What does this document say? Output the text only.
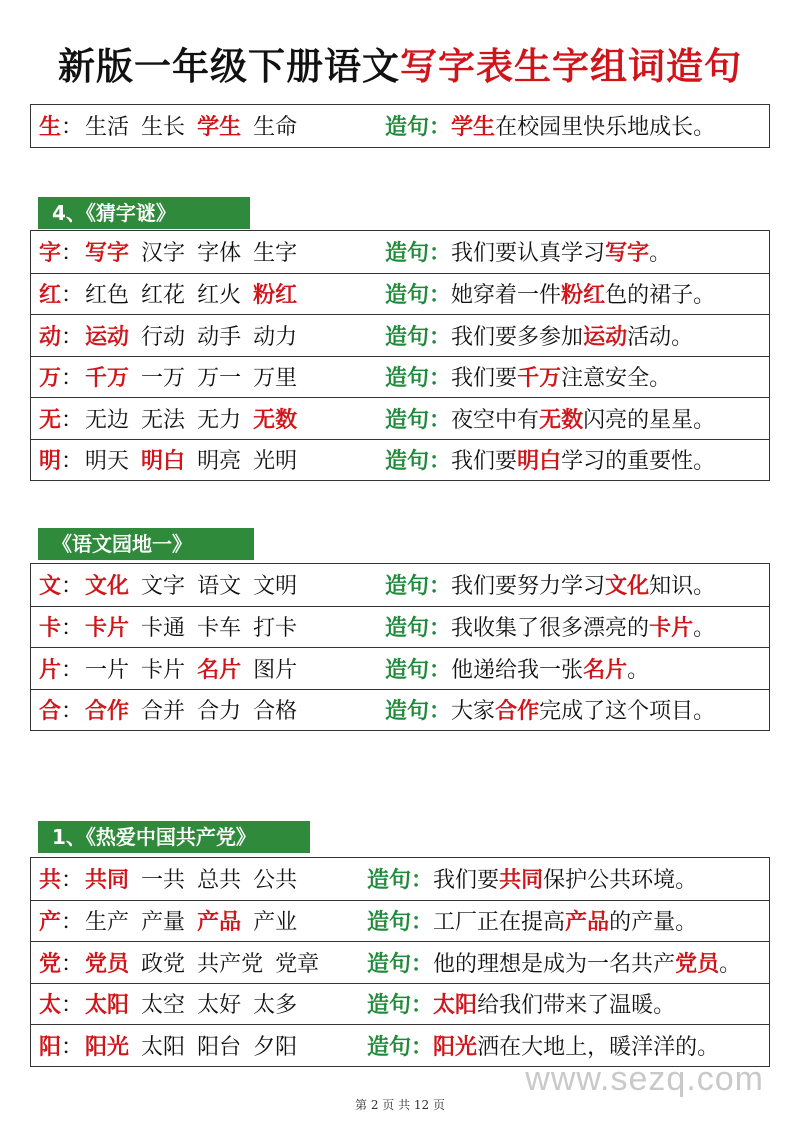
新版一年级下册语文写字表生字组词造句
生 ： 生活 生长 学生 生命	造句： 学生在校园里快乐地成长。
4、《猜字谜》
字 ： 写字 汉字 字体 生字	造句： 我们要认真学习写字。
红 ： 红色 红花 红火 粉红	造句： 她穿着一件粉红色的裙子。
动 ： 运动 行动 动手 动力	造句： 我们要多参加运动活动。
万 ： 千万 一万 万一 万里	造句： 我们要千万注意安全。
无 ： 无边 无法 无力 无数	造句： 夜空中有无数闪亮的星星。
明 ： 明天 明白 明亮 光明	造句： 我们要明白学习的重要性。
《语文园地一》
文 ： 文化 文字 语文 文明	造句： 我们要努力学习文化知识。
卡 ： 卡片 卡通 卡车 打卡	造句： 我收集了很多漂亮的卡片。
片 ： 一片 卡片 名片 图片	造句： 他递给我一张名片。
合 ： 合作 合并 合力 合格	造句： 大家合作完成了这个项目。
1、《热爱中国共产党》
共 ： 共同 一共 总共 公共	造句： 我们要共同保护公共环境。
产 ： 生产 产量 产品 产业	造句： 工厂正在提高产品的产量。
党 ： 党员 政党 共产党 党章 造句： 他的理想是成为一名共产党员。
太 ： 太阳 太空 太好 太多	造句： 太阳给我们带来了温暖。
阳 ： 阳光 太阳 阳台 夕阳	造句： 阳光洒在大地上，暖洋洋的。
www.sezq.com
第 2 页 共 12 页
